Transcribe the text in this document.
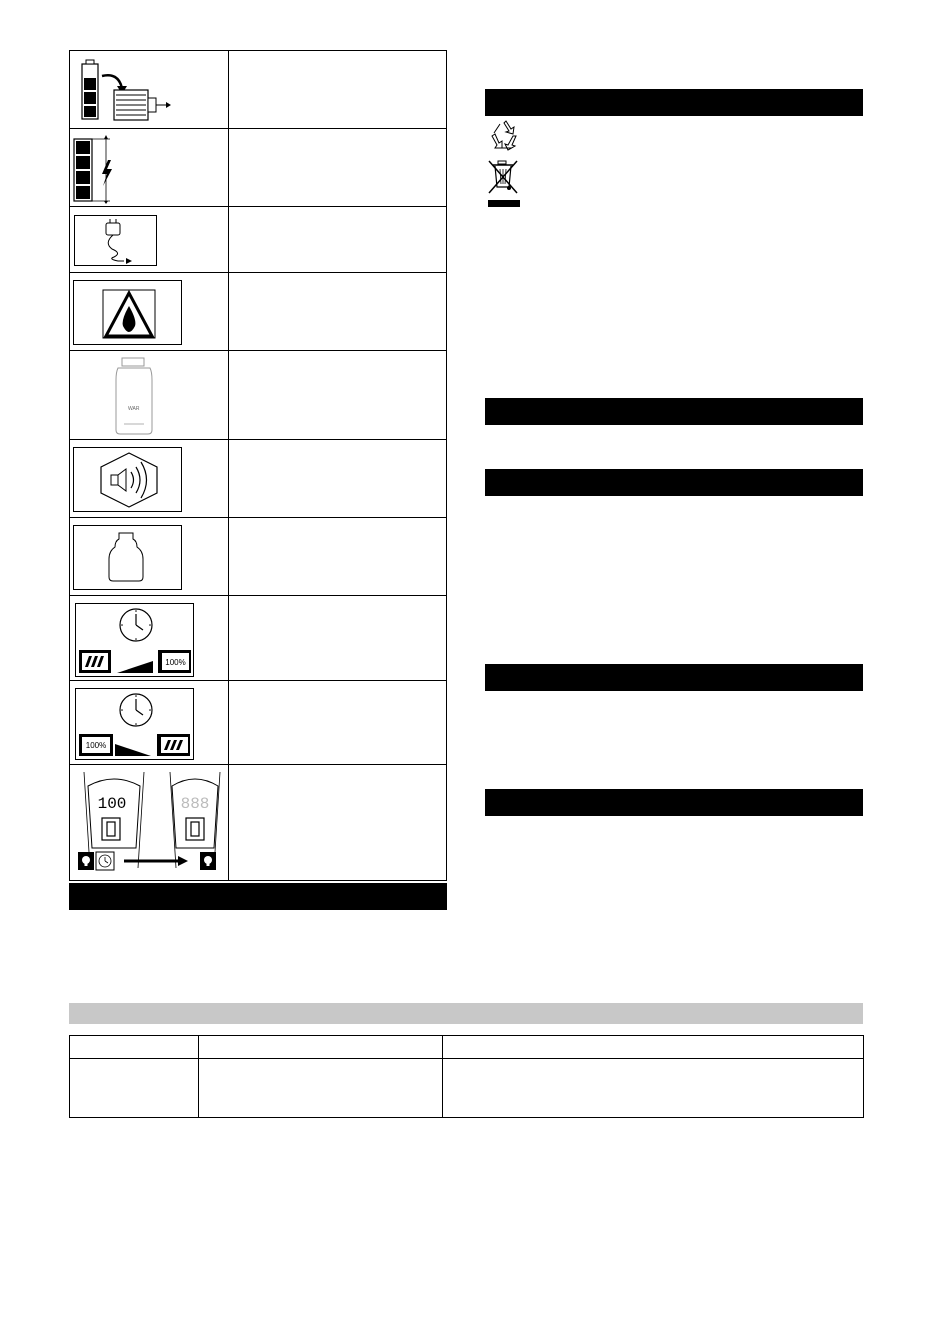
WAR
100%
100%
100	888
